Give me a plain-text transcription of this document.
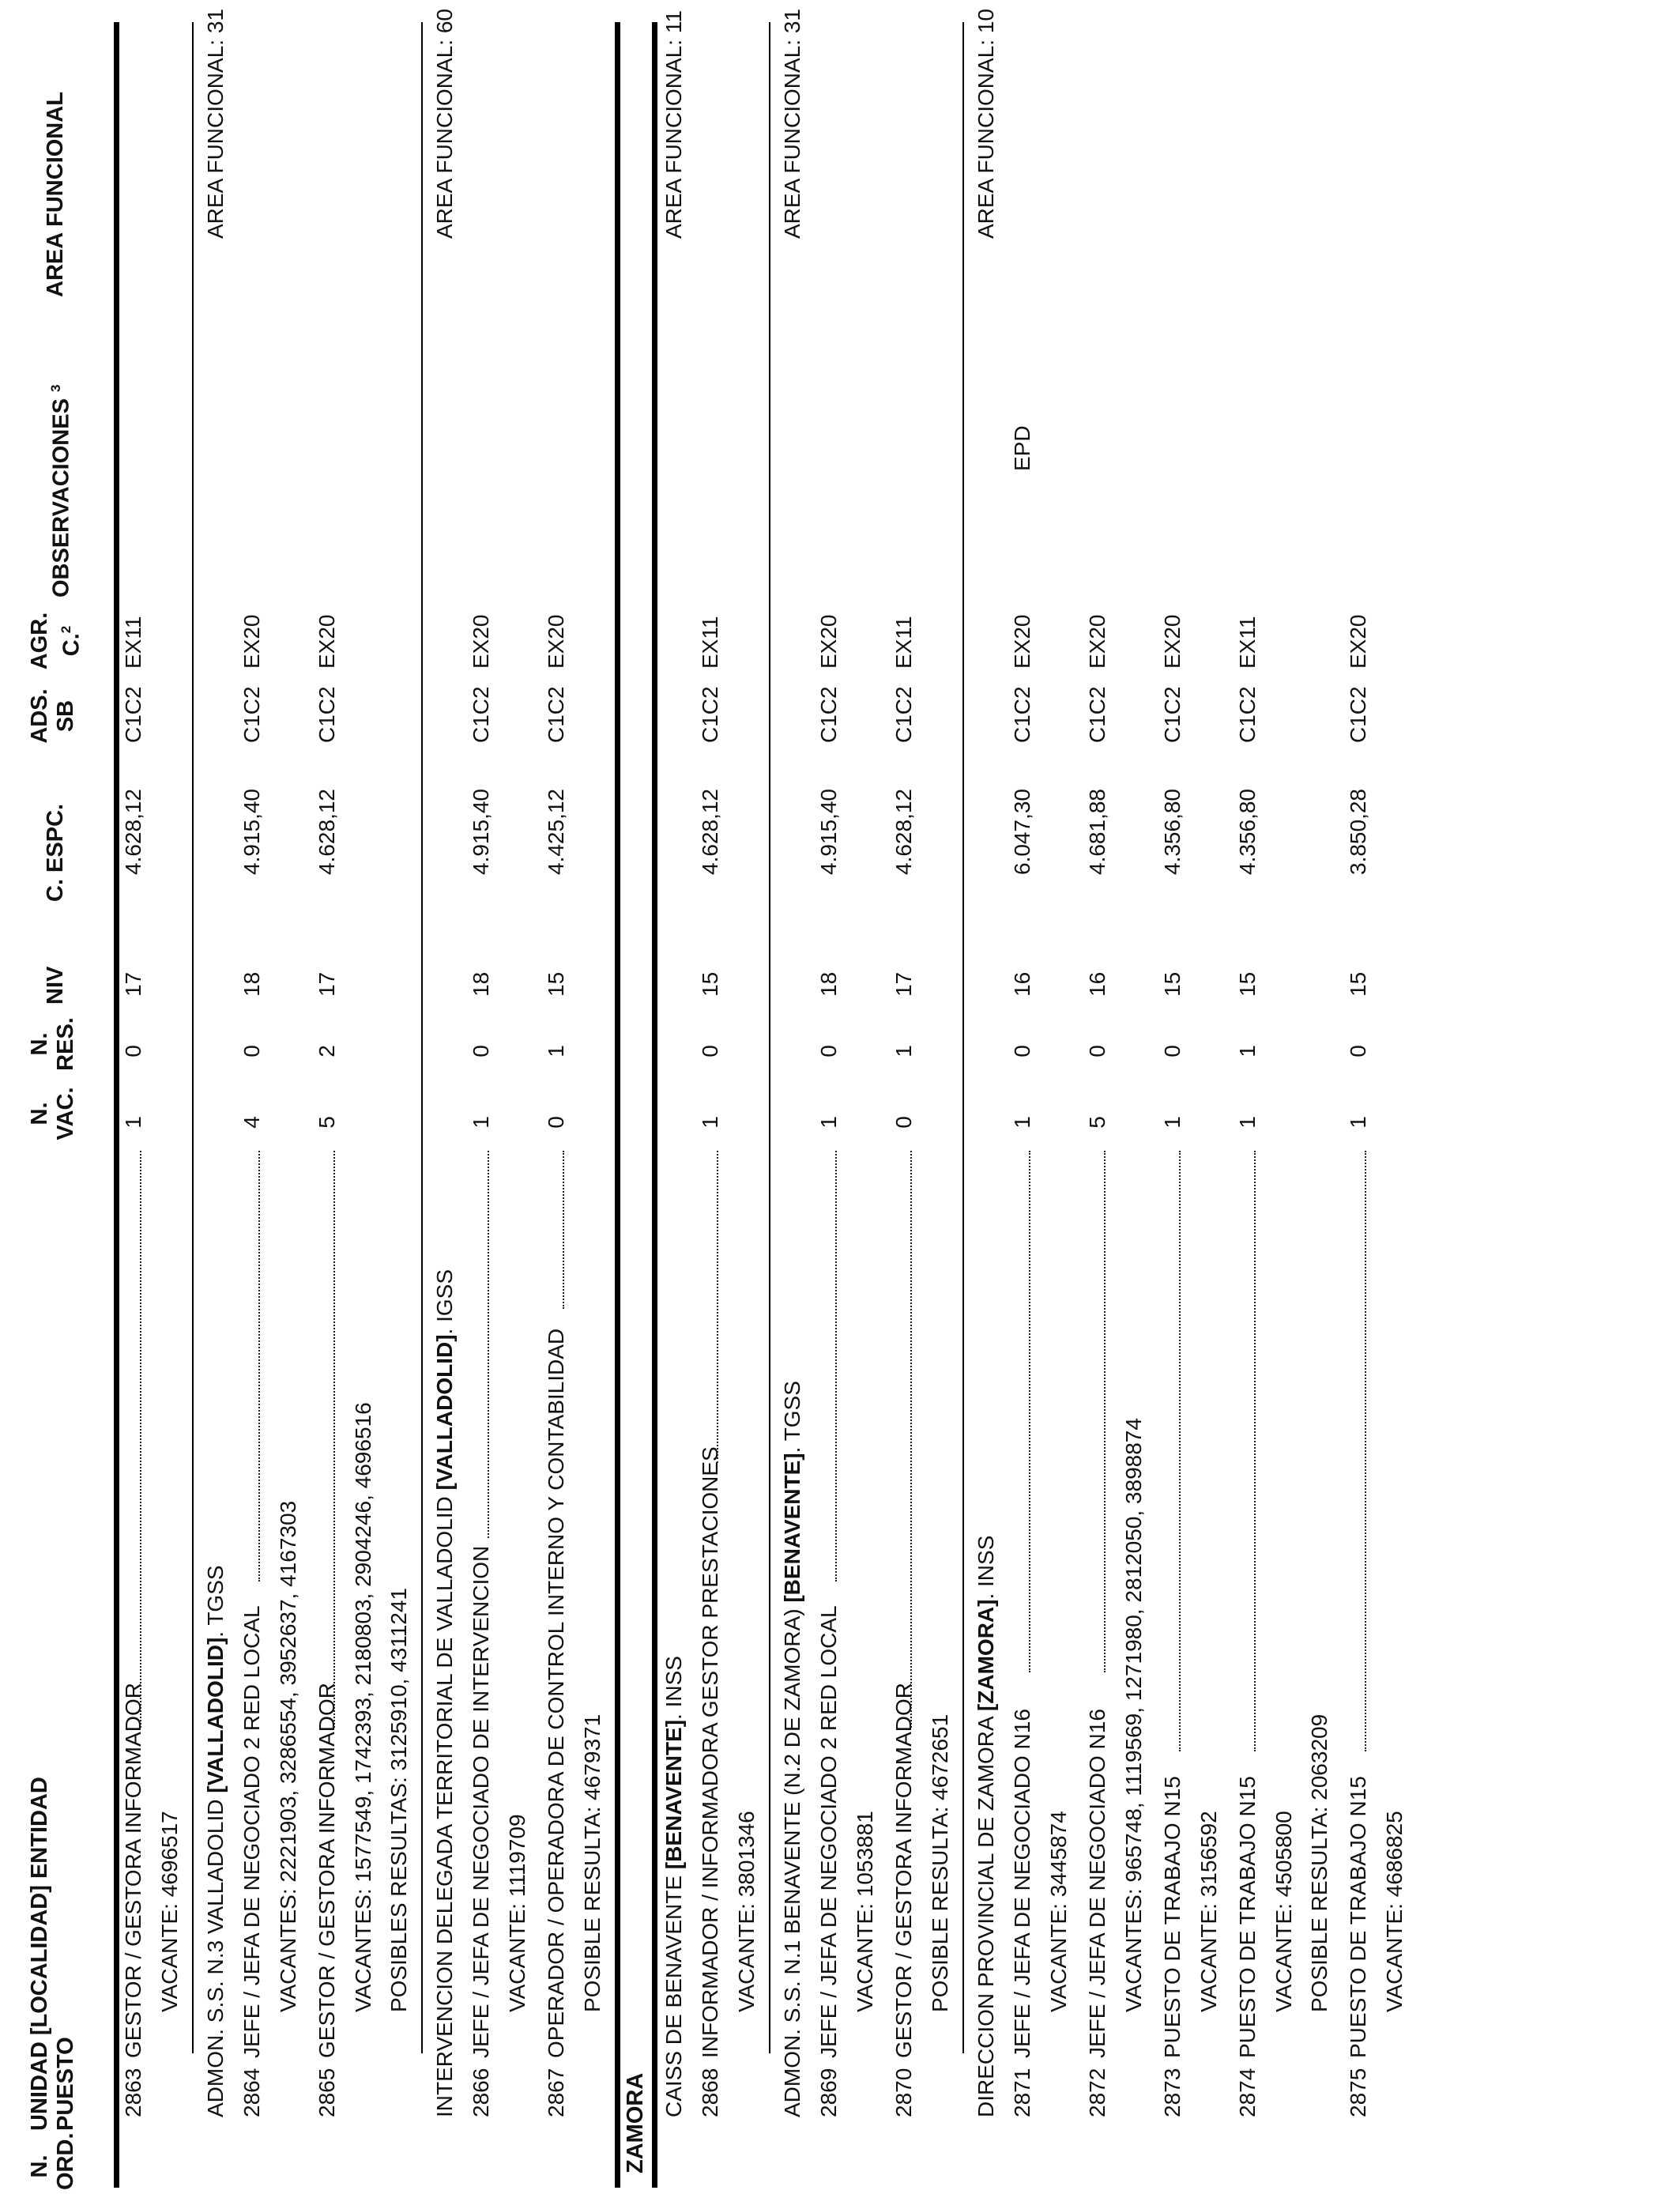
N. ORD.
UNIDAD [LOCALIDAD] ENTIDAD PUESTO
N. VAC.
N. RES.
NIV
C. ESPC.
ADS. SB
AGR. C.$^2$
OBSERVACIONES $^3$
AREA FUNCIONAL
2863
GESTOR / GESTORA INFORMADOR
1
0
17
4.628,12
C1C2
EX11
VACANTE: 4696517 ADMON. S.S. N.3 VALLADOLID [VALLADOLID]. TGSS
AREA FUNCIONAL: 31
2864
JEFE / JEFA DE NEGOCIADO 2 RED LOCAL
4
0
18
4.915,40
C1C2
EX20
VACANTES: 2221903, 3286554, 3952637, 4167303
2865
GESTOR / GESTORA INFORMADOR
5
2
17
4.628,12
C1C2
EX20
VACANTES: 1577549, 1742393, 2180803, 2904246, 4696516 POSIBLES RESULTAS: 3125910, 4311241 INTERVENCION DELEGADA TERRITORIAL DE VALLADOLID [VALLADOLID]. IGSS
AREA FUNCIONAL: 60
2866
JEFE / JEFA DE NEGOCIADO DE INTERVENCION
1
0
18
4.915,40
C1C2
EX20
VACANTE: 1119709
2867
OPERADOR / OPERADORA DE CONTROL INTERNO Y CONTABILIDAD
0
1
15
4.425,12
C1C2
EX20
POSIBLE RESULTA: 4679371
ZAMORA
CAISS DE BENAVENTE [BENAVENTE]. INSS
AREA FUNCIONAL: 11
2868
INFORMADOR / INFORMADORA GESTOR PRESTACIONES
1
0
15
4.628,12
C1C2
EX11
VACANTE: 3801346 ADMON. S.S. N.1 BENAVENTE (N.2 DE ZAMORA) [BENAVENTE]. TGSS
AREA FUNCIONAL: 31
2869
JEFE / JEFA DE NEGOCIADO 2 RED LOCAL
1
0
18
4.915,40
C1C2
EX20
VACANTE: 1053881
2870
GESTOR / GESTORA INFORMADOR
0
1
17
4.628,12
C1C2
EX11
POSIBLE RESULTA: 4672651 DIRECCION PROVINCIAL DE ZAMORA [ZAMORA]. INSS
AREA FUNCIONAL: 10
2871
JEFE / JEFA DE NEGOCIADO N16
1
0
16
6.047,30
C1C2
EX20
EPD
VACANTE: 3445874
2872
JEFE / JEFA DE NEGOCIADO N16
5
0
16
4.681,88
C1C2
EX20
VACANTES: 965748, 1119569, 1271980, 2812050, 3898874
2873
PUESTO DE TRABAJO N15
1
0
15
4.356,80
C1C2
EX20
VACANTE: 3156592
2874
PUESTO DE TRABAJO N15
1
1
15
4.356,80
C1C2
EX11
VACANTE: 4505800 POSIBLE RESULTA: 2063209
2875
PUESTO DE TRABAJO N15
1
0
15
3.850,28
C1C2
EX20
VACANTE: 4686825
